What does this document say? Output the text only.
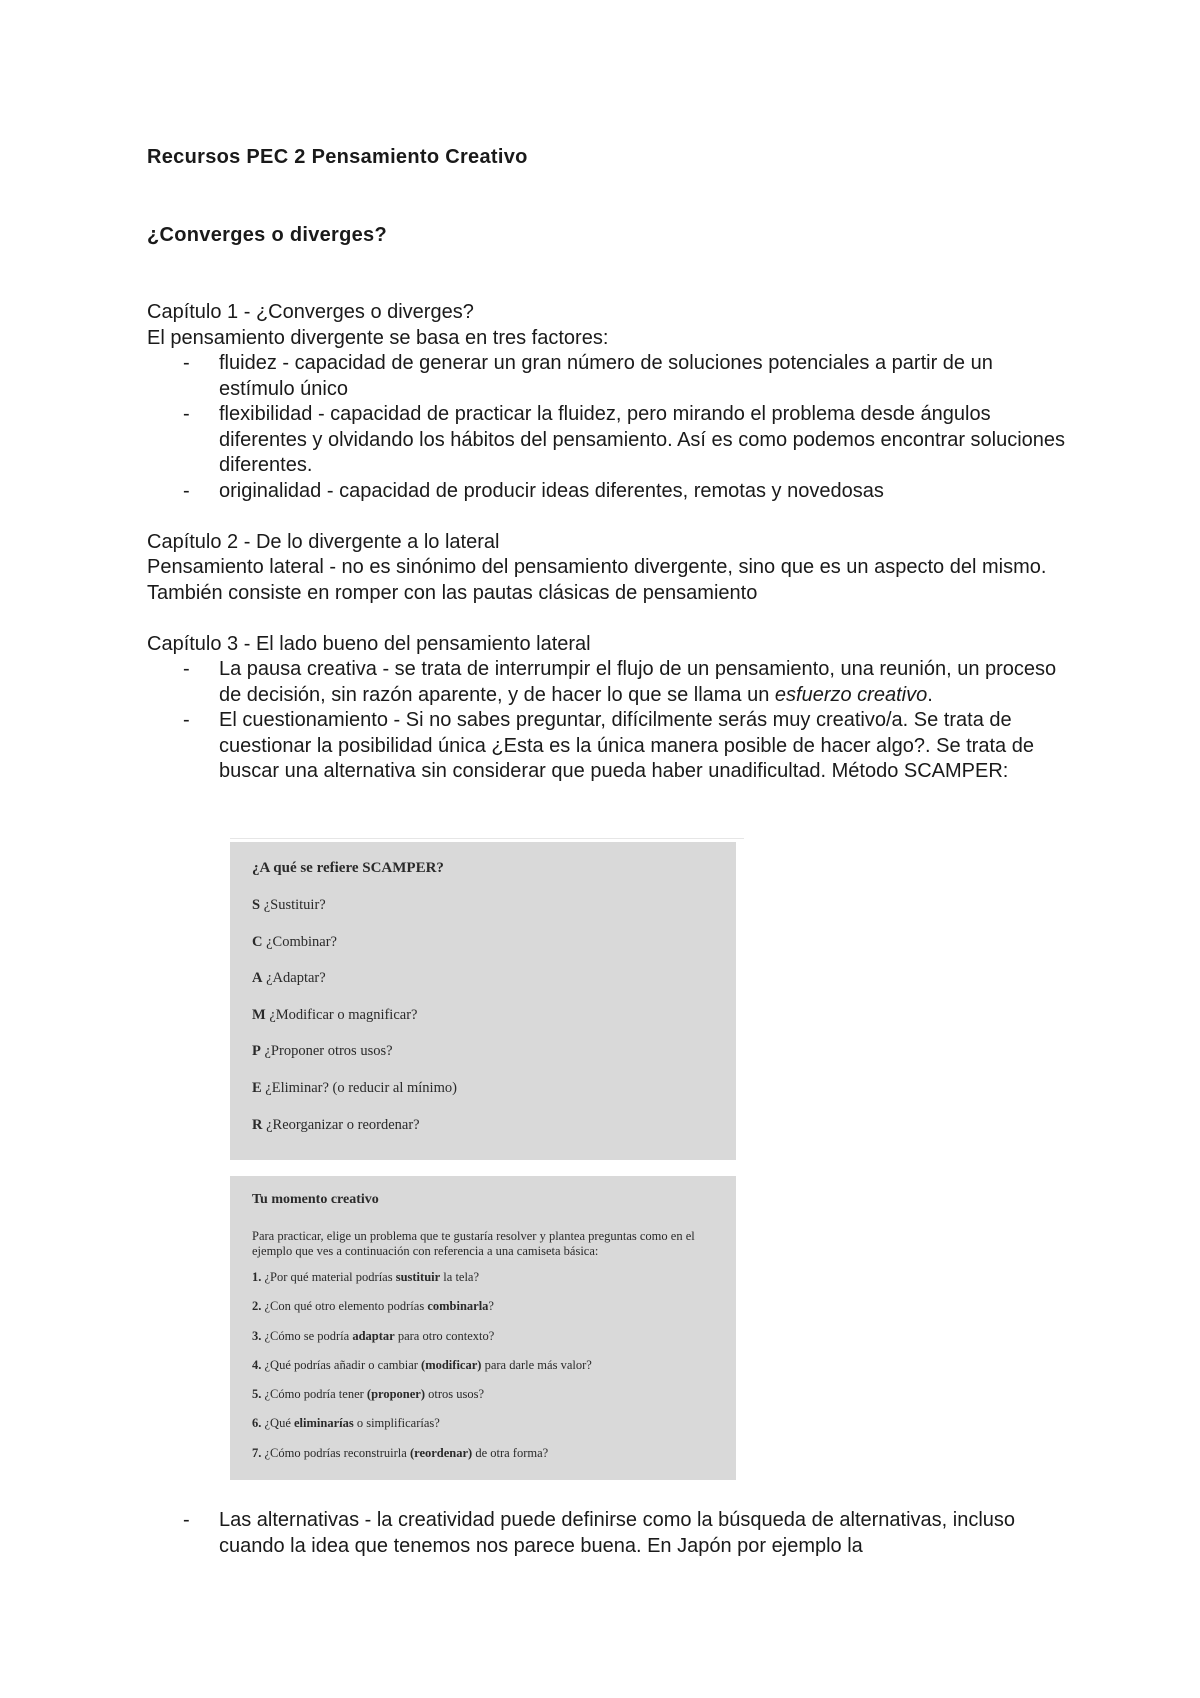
Recursos PEC 2 Pensamiento Creativo
¿Converges o diverges?

Capítulo 1 - ¿Converges o diverges?

El pensamiento divergente se basa en tres factores:

- fluidez - capacidad de generar un gran número de soluciones potenciales a partir de un estímulo único
- flexibilidad - capacidad de practicar la fluidez, pero mirando el problema desde ángulos diferentes y olvidando los hábitos del pensamiento. Así es como podemos encontrar soluciones diferentes.
- originalidad - capacidad de producir ideas diferentes, remotas y novedosas

Capítulo 2 - De lo divergente a lo lateral

Pensamiento lateral - no es sinónimo del pensamiento divergente, sino que es un aspecto del mismo. También consiste en romper con las pautas clásicas de pensamiento

Capítulo 3 - El lado bueno del pensamiento lateral

- La pausa creativa - se trata de interrumpir el flujo de un pensamiento, una reunión, un proceso de decisión, sin razón aparente, y de hacer lo que se llama un esfuerzo creativo.
- El cuestionamiento - Si no sabes preguntar, difícilmente serás muy creativo/a. Se trata de cuestionar la posibilidad única ¿Esta es la única manera posible de hacer algo?. Se trata de buscar una alternativa sin considerar que pueda haber unadificultad. Método SCAMPER:
¿A qué se refiere SCAMPER?
S ¿Sustituir?
C ¿Combinar?
A ¿Adaptar?
M ¿Modificar o magnificar?
P ¿Proponer otros usos?
E ¿Eliminar? (o reducir al mínimo)
R ¿Reorganizar o reordenar?
Tu momento creativo
Para practicar, elige un problema que te gustaría resolver y plantea preguntas como en el ejemplo que ves a continuación con referencia a una camiseta básica:
1. ¿Por qué material podrías sustituir la tela?
2. ¿Con qué otro elemento podrías combinarla?
3. ¿Cómo se podría adaptar para otro contexto?
4. ¿Qué podrías añadir o cambiar (modificar) para darle más valor?
5. ¿Cómo podría tener (proponer) otros usos?
6. ¿Qué eliminarías o simplificarías?
7. ¿Cómo podrías reconstruirla (reordenar) de otra forma?
- Las alternativas - la creatividad puede definirse como la búsqueda de alternativas, incluso cuando la idea que tenemos nos parece buena. En Japón por ejemplo la
